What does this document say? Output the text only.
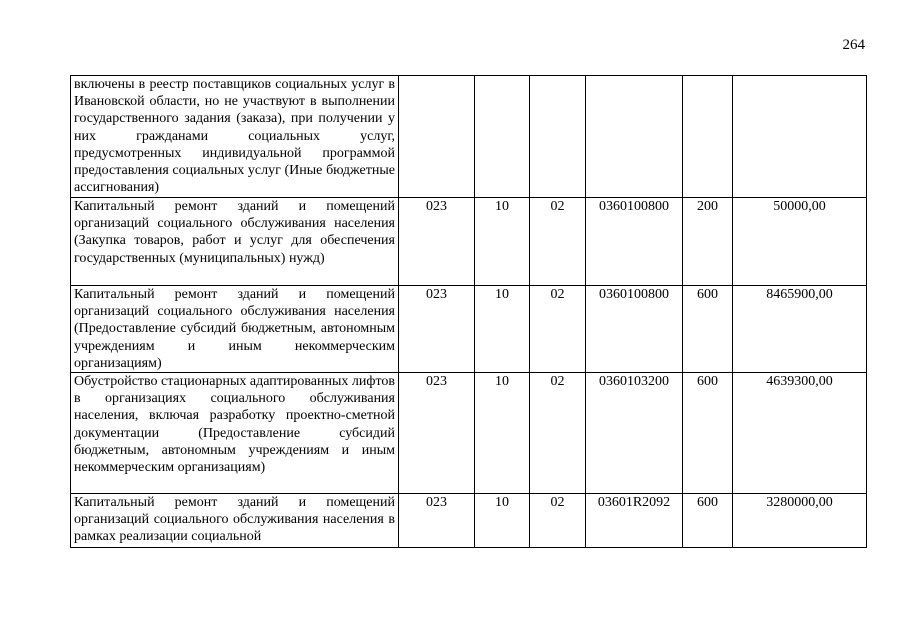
264
включены в реестр поставщиков социальных услуг в Ивановской области, но не участвуют в выполнении государственного задания (заказа), при получении у них гражданами социальных услуг, предусмотренных индивидуальной программой предоставления социальных услуг (Иные бюджетные ассигнования)						
Капитальный ремонт зданий и помещений организаций социального обслуживания населения (Закупка товаров, работ и услуг для обеспечения государственных (муниципальных) нужд)	023	10	02	0360100800	200	50000,00
Капитальный ремонт зданий и помещений организаций социального обслуживания населения (Предоставление субсидий бюджетным, автономным учреждениям и иным некоммерческим организациям)	023	10	02	0360100800	600	8465900,00
Обустройство стационарных адаптированных лифтов в организациях социального обслуживания населения, включая разработку проектно-сметной документации (Предоставление субсидий бюджетным, автономным учреждениям и иным некоммерческим организациям)	023	10	02	0360103200	600	4639300,00
Капитальный ремонт зданий и помещений организаций социального обслуживания населения в рамках реализации социальной	023	10	02	03601R2092	600	3280000,00
